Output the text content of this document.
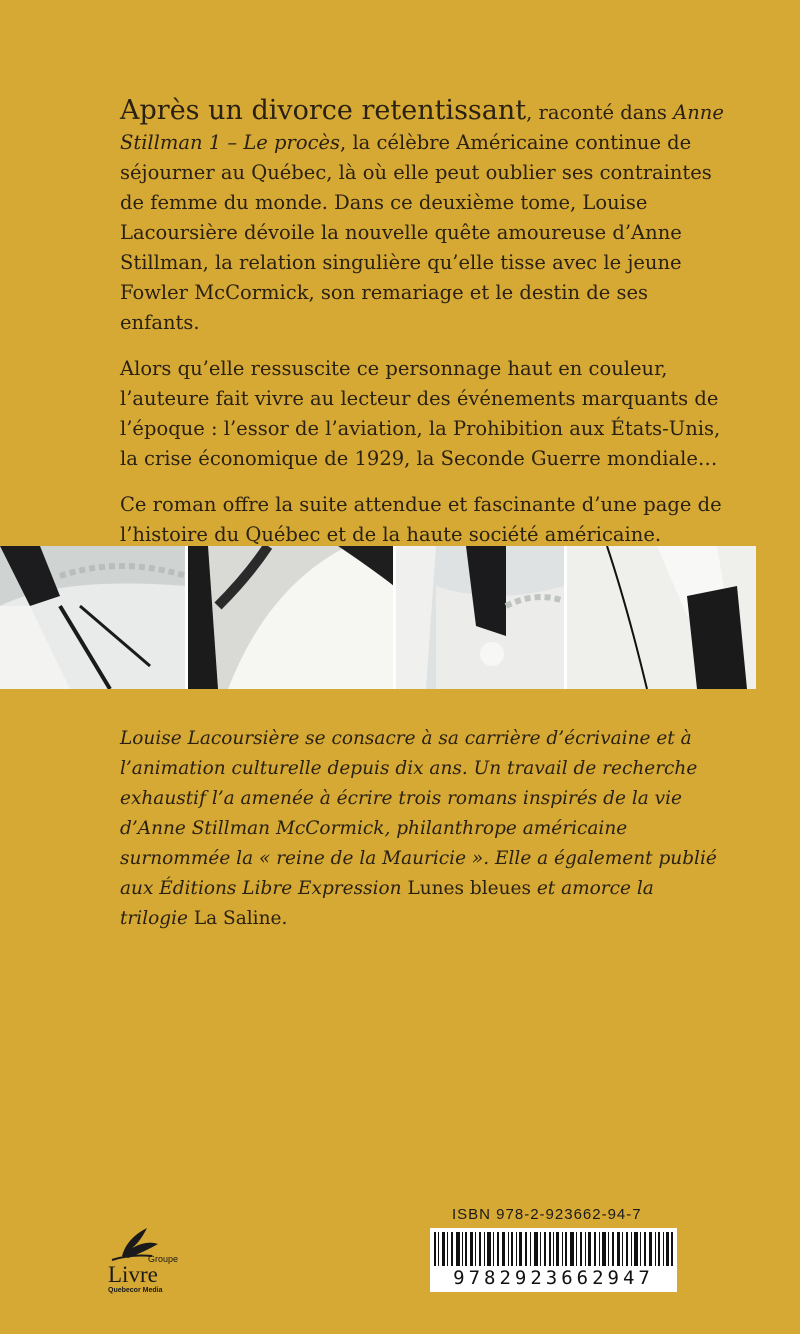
Après un divorce retentissant, raconté dans Anne Stillman 1 – Le procès, la célèbre Américaine continue de séjourner au Québec, là où elle peut oublier ses contraintes de femme du monde. Dans ce deuxième tome, Louise Lacoursière dévoile la nouvelle quête amoureuse d’Anne Stillman, la relation singulière qu’elle tisse avec le jeune Fowler McCormick, son remariage et le destin de ses enfants.

Alors qu’elle ressuscite ce personnage haut en couleur, l’auteure fait vivre au lecteur des événements marquants de l’époque : l’essor de l’aviation, la Prohibition aux États-Unis, la crise économique de 1929, la Seconde Guerre mondiale…

Ce roman offre la suite attendue et fascinante d’une page de l’histoire du Québec et de la haute société américaine.

Louise Lacoursière se consacre à sa carrière d’écrivaine et à l’animation culturelle depuis dix ans. Un travail de recherche exhaustif l’a amenée à écrire trois romans inspirés de la vie d’Anne Stillman McCormick, philanthrope américaine surnommée la « reine de la Mauricie ». Elle a également publié aux Éditions Libre Expression Lunes bleues et amorce la trilogie La Saline.
Groupe
Livre
Quebecor Media
ISBN 978-2-923662-94-7
9782923662947
